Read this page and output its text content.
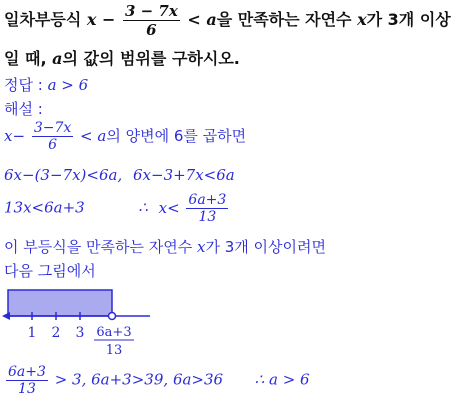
일차부등식 $x - \frac{3 - 7x}{6} < a$을 만족하는 자연수 x가 3개 이상
일 때, a의 값의 범위를 구하시오.
정답 : a > 6
해설 :
$x- \frac{3-7x}{6} < a$의 양변에 6를 곱하면
6x−(3−7x)<6a, 6x−3+7x<6a
13x<6a+3	∴ $x< \frac{6a+3}{13}$
이 부등식을 만족하는 자연수 x가 3개 이상이려면
다음 그림에서
1 2 3 6a+3
13
$\frac{6a+3}{13} > 3$, 6a+3>39, 6a>36 ∴ a > 6
